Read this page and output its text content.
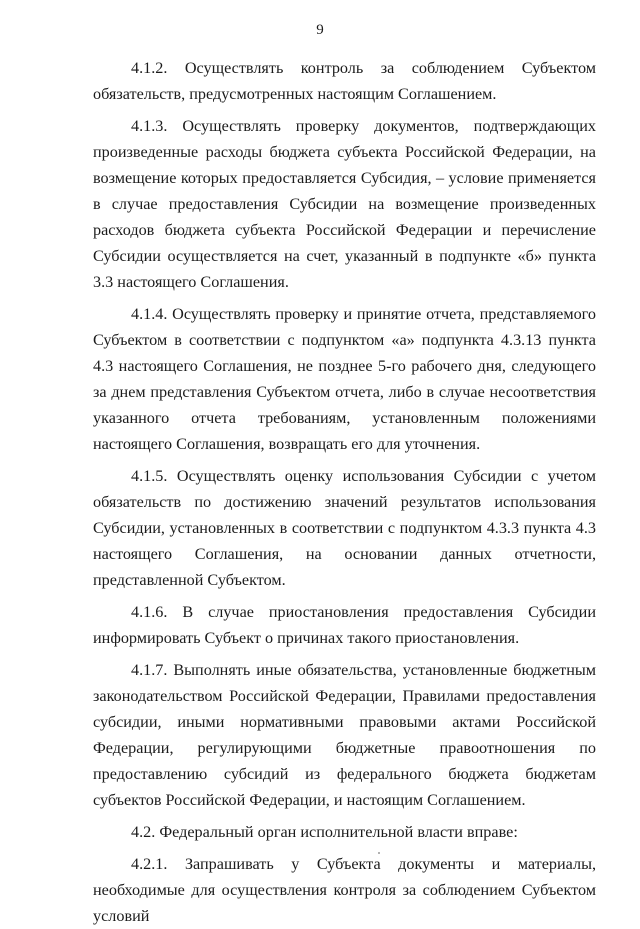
9

4.1.2. Осуществлять контроль за соблюдением Субъектом обязательств, предусмотренных настоящим Соглашением.

4.1.3. Осуществлять проверку документов, подтверждающих произведенные расходы бюджета субъекта Российской Федерации, на возмещение которых предоставляется Субсидия, – условие применяется в случае предоставления Субсидии на возмещение произведенных расходов бюджета субъекта Российской Федерации и перечисление Субсидии осуществляется на счет, указанный в подпункте «б» пункта 3.3 настоящего Соглашения.

4.1.4. Осуществлять проверку и принятие отчета, представляемого Субъектом в соответствии с подпунктом «а» подпункта 4.3.13 пункта 4.3 настоящего Соглашения, не позднее 5-го рабочего дня, следующего за днем представления Субъектом отчета, либо в случае несоответствия указанного отчета требованиям, установленным положениями настоящего Соглашения, возвращать его для уточнения.

4.1.5. Осуществлять оценку использования Субсидии с учетом обязательств по достижению значений результатов использования Субсидии, установленных в соответствии с подпунктом 4.3.3 пункта 4.3 настоящего Соглашения, на основании данных отчетности, представленной Субъектом.

4.1.6. В случае приостановления предоставления Субсидии информировать Субъект о причинах такого приостановления.

4.1.7. Выполнять иные обязательства, установленные бюджетным законодательством Российской Федерации, Правилами предоставления субсидии, иными нормативными правовыми актами Российской Федерации, регулирующими бюджетные правоотношения по предоставлению субсидий из федерального бюджета бюджетам субъектов Российской Федерации, и настоящим Соглашением.

4.2. Федеральный орган исполнительной власти вправе:

4.2.1. Запрашивать у Субъекта документы и материалы, необходимые для осуществления контроля за соблюдением Субъектом условий
